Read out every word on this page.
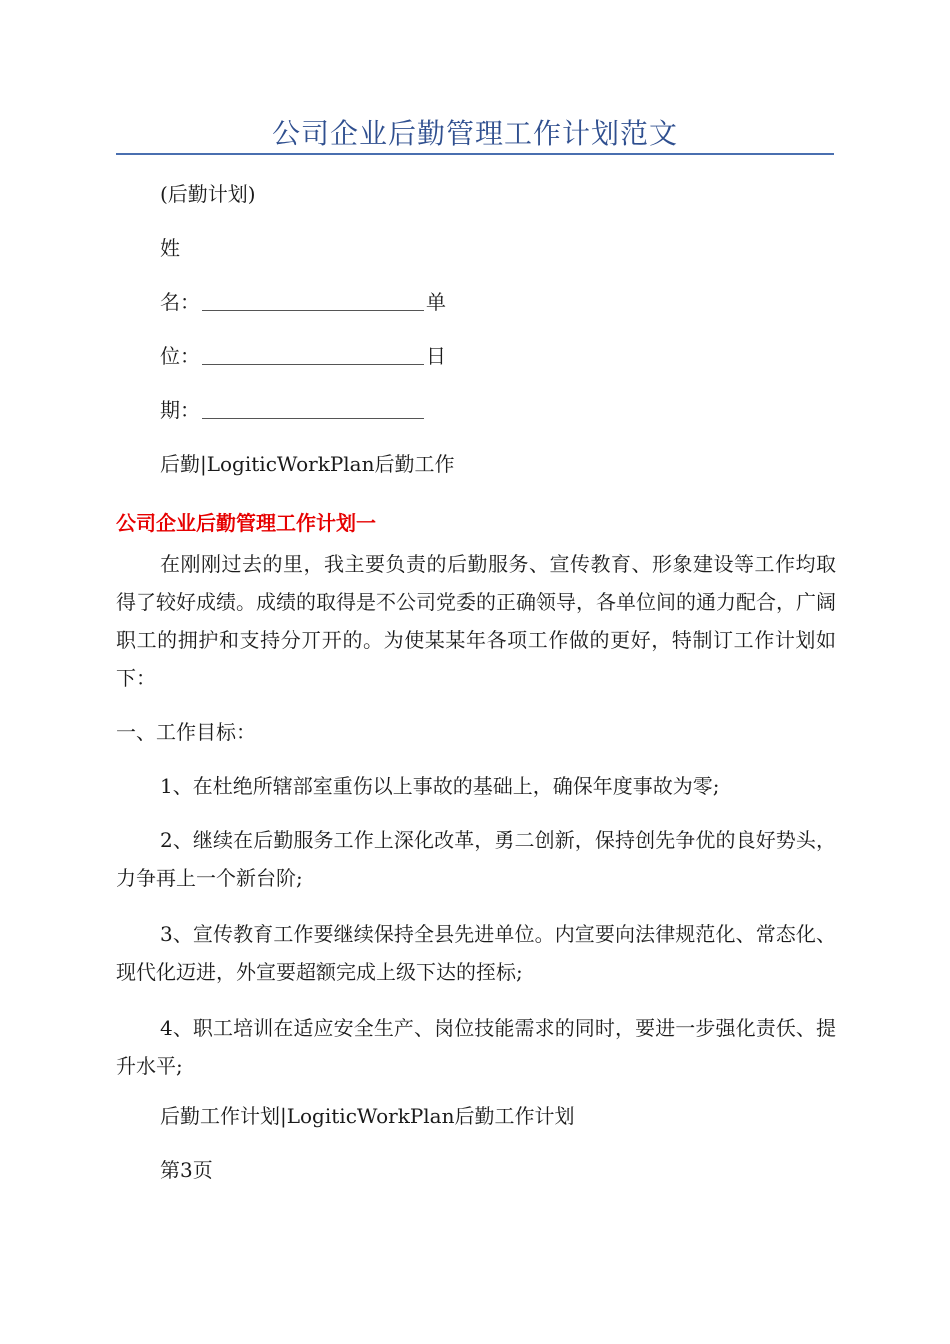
公司企业后勤管理工作计划范文
(后勤计划)
姓
名：	单
位：	日
期：
后勤|LogiticWorkPlan后勤工作
公司企业后勤管理工作计划一

在刚刚过去的里，我主要负责的后勤服务、宣传教育、形象建设等工作均取得了较好成绩。成绩的取得是不公司党委的正确领导，各单位间的通力配合，广阔职工的拥护和支持分丌开的。为使某某年各项工作做的更好，特制订工作计划如下：

一、工作目标：

1、在杜绝所辖部室重伤以上事故的基础上，确保年度事故为零;

2、继续在后勤服务工作上深化改革，勇二创新，保持创先争优的良好势头，力争再上一个新台阶;

3、宣传教育工作要继续保持全县先进单位。内宣要向法律规范化、常态化、现代化迈进，外宣要超额完成上级下达的挃标;

4、职工培训在适应安全生产、岗位技能需求的同时，要进一步强化责仸、提升水平;

后勤工作计划|LogiticWorkPlan后勤工作计划
第3页
